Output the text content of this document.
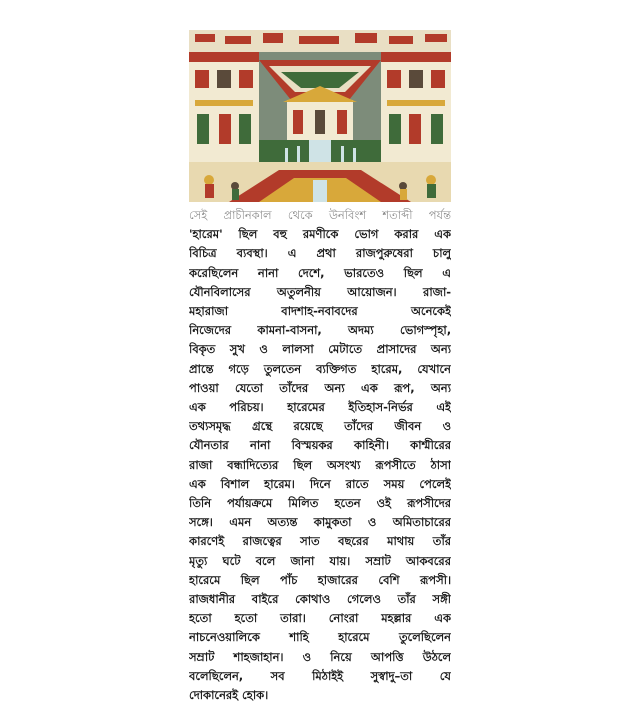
সেই প্রাচীনকাল থেকে উনবিংশ শতাব্দী পর্যন্ত
'হারেম' ছিল বহু রমণীকে ভোগ করার এক
বিচিত্র ব্যবস্থা। এ প্রথা রাজপুরুষেরা চালু
করেছিলেন নানা দেশে, ভারতেও ছিল এ
যৌনবিলাসের অতুলনীয় আয়োজন। রাজা-
মহারাজা বাদশাহ-নবাবদের অনেকেই
নিজেদের কামনা-বাসনা, অদম্য ভোগস্পৃহা,
বিকৃত সুখ ও লালসা মেটাতে প্রাসাদের অন্য
প্রান্তে গড়ে তুলতেন ব্যক্তিগত হারেম, যেখানে
পাওয়া যেতো তাঁদের অন্য এক রূপ, অন্য
এক পরিচয়। হারেমের ইতিহাস-নির্ভর এই
তথ্যসমৃদ্ধ গ্রন্থে রয়েছে তাঁদের জীবন ও
যৌনতার নানা বিস্ময়কর কাহিনী। কাশ্মীরের
রাজা বন্ধাদিত্যের ছিল অসংখ্য রূপসীতে ঠাসা
এক বিশাল হারেম। দিনে রাতে সময় পেলেই
তিনি পর্যায়ক্রমে মিলিত হতেন ওই রূপসীদের
সঙ্গে। এমন অত্যন্ত কামুকতা ও অমিতাচারের
কারণেই রাজত্বের সাত বছরের মাথায় তাঁর
মৃত্যু ঘটে বলে জানা যায়। সম্রাট আকবরের
হারেমে ছিল পাঁচ হাজারের বেশি রূপসী।
রাজধানীর বাইরে কোথাও গেলেও তাঁর সঙ্গী
হতো হতো তারা। নোংরা মহল্লার এক
নাচনেওয়ালিকে শাহি হারেমে তুলেছিলেন
সম্রাট শাহজাহান। ও নিয়ে আপত্তি উঠলে
বলেছিলেন, সব মিঠাইই সুস্বাদু–তা যে
দোকানেরই হোক।
